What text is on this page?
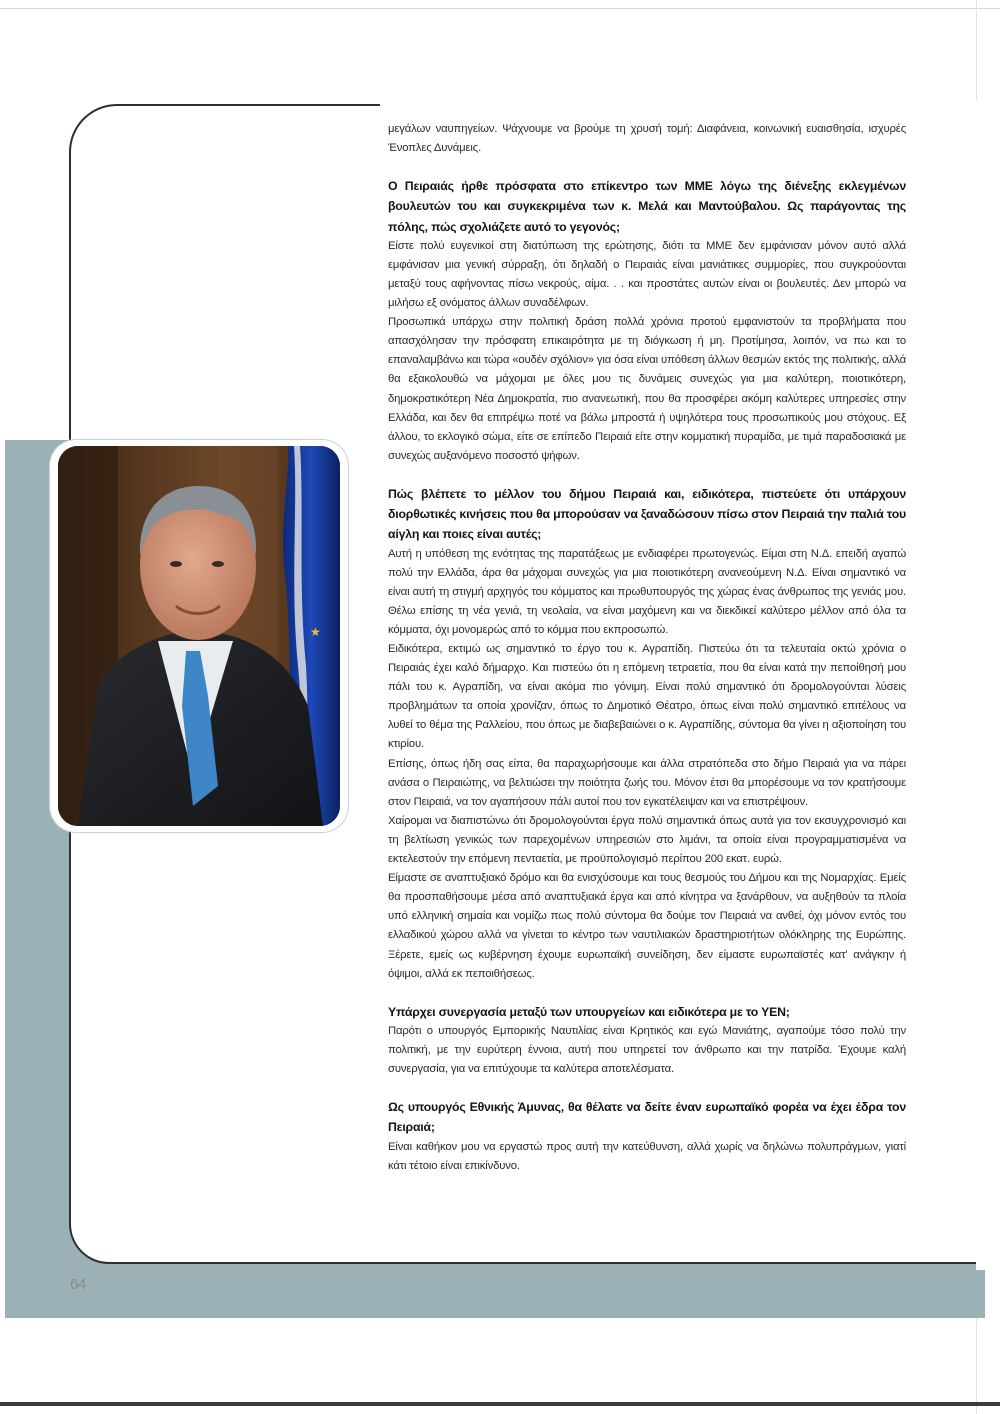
★

μεγάλων ναυπηγείων. Ψάχνουμε να βρούμε τη χρυσή τομή: Διαφάνεια, κοινωνική ευαισθησία, ισχυρές Ένοπλες Δυνάμεις.

Ο Πειραιάς ήρθε πρόσφατα στο επίκεντρο των ΜΜΕ λόγω της διένεξης εκλεγμένων βουλευτών του και συγκεκριμένα των κ. Μελά και Μαντούβαλου. Ως παράγοντας της πόλης, πώς σχολιάζετε αυτό το γεγονός;

Είστε πολύ ευγενικοί στη διατύπωση της ερώτησης, διότι τα ΜΜΕ δεν εμφάνισαν μόνον αυτό αλλά εμφάνισαν μια γενική σύρραξη, ότι δηλαδή ο Πειραιάς είναι μανιάτικες συμμορίες, που συγκρούονται μεταξύ τους αφήνοντας πίσω νεκρούς, αίμα. . . και προστάτες αυτών είναι οι βουλευτές. Δεν μπορώ να μιλήσω εξ ονόματος άλλων συναδέλφων.

Προσωπικά υπάρχω στην πολιτική δράση πολλά χρόνια προτού εμφανιστούν τα προβλήματα που απασχόλησαν την πρόσφατη επικαιρότητα με τη διόγκωση ή μη. Προτίμησα, λοιπόν, να πω και το επαναλαμβάνω και τώρα «ουδέν σχόλιον» για όσα είναι υπόθεση άλλων θεσμών εκτός της πολιτικής, αλλά θα εξακολουθώ να μάχομαι με όλες μου τις δυνάμεις συνεχώς για μια καλύτερη, ποιοτικότερη, δημοκρατικότερη Νέα Δημοκρατία, πιο ανανεωτική, που θα προσφέρει ακόμη καλύτερες υπηρεσίες στην Ελλάδα, και δεν θα επιτρέψω ποτέ να βάλω μπροστά ή υψηλότερα τους προσωπικούς μου στόχους. Εξ άλλου, το εκλογικό σώμα, είτε σε επίπεδο Πειραιά είτε στην κομματική πυραμίδα, με τιμά παραδοσιακά με συνεχώς αυξανόμενο ποσοστό ψήφων.

Πώς βλέπετε το μέλλον του δήμου Πειραιά και, ειδικότερα, πιστεύετε ότι υπάρχουν διορθωτικές κινήσεις που θα μπορούσαν να ξαναδώσουν πίσω στον Πειραιά την παλιά του αίγλη και ποιες είναι αυτές;

Αυτή η υπόθεση της ενότητας της παρατάξεως με ενδιαφέρει πρωτογενώς. Είμαι στη Ν.Δ. επειδή αγαπώ πολύ την Ελλάδα, άρα θα μάχομαι συνεχώς για μια ποιοτικότερη ανανεούμενη Ν.Δ. Είναι σημαντικό να είναι αυτή τη στιγμή αρχηγός του κόμματος και πρωθυπουργός της χώρας ένας άνθρωπος της γενιάς μου. Θέλω επίσης τη νέα γενιά, τη νεολαία, να είναι μαχόμενη και να διεκδικεί καλύτερο μέλλον από όλα τα κόμματα, όχι μονομερώς από το κόμμα που εκπροσωπώ.

Ειδικότερα, εκτιμώ ως σημαντικό το έργο του κ. Αγραπίδη. Πιστεύω ότι τα τελευταία οκτώ χρόνια ο Πειραιάς έχει καλό δήμαρχο. Και πιστεύω ότι η επόμενη τετραετία, που θα είναι κατά την πεποίθησή μου πάλι του κ. Αγραπίδη, να είναι ακόμα πιο γόνιμη. Είναι πολύ σημαντικό ότι δρομολογούνται λύσεις προβλημάτων τα οποία χρονίζαν, όπως το Δημοτικό Θέατρο, όπως είναι πολύ σημαντικό επιτέλους να λυθεί το θέμα της Ραλλείου, που όπως με διαβεβαιώνει ο κ. Αγραπίδης, σύντομα θα γίνει η αξιοποίηση του κτιρίου.

Επίσης, όπως ήδη σας είπα, θα παραχωρήσουμε και άλλα στρατόπεδα στο δήμο Πειραιά για να πάρει ανάσα ο Πειραιώτης, να βελτιώσει την ποιότητα ζωής του. Μόνον έτσι θα μπορέσουμε να τον κρατήσουμε στον Πειραιά, να τον αγαπήσουν πάλι αυτοί που τον εγκατέλειψαν και να επιστρέψουν.

Χαίρομαι να διαπιστώνω ότι δρομολογούνται έργα πολύ σημαντικά όπως αυτά για τον εκσυγχρονισμό και τη βελτίωση γενικώς των παρεχομένων υπηρεσιών στο λιμάνι, τα οποία είναι προγραμματισμένα να εκτελεστούν την επόμενη πενταετία, με προϋπολογισμό περίπου 200 εκατ. ευρώ.

Είμαστε σε αναπτυξιακό δρόμο και θα ενισχύσουμε και τους θεσμούς του Δήμου και της Νομαρχίας. Εμείς θα προσπαθήσουμε μέσα από αναπτυξιακά έργα και από κίνητρα να ξανάρθουν, να αυξηθούν τα πλοία υπό ελληνική σημαία και νομίζω πως πολύ σύντομα θα δούμε τον Πειραιά να ανθεί, όχι μόνον εντός του ελλαδικού χώρου αλλά να γίνεται το κέντρο των ναυτιλιακών δραστηριοτήτων ολόκληρης της Ευρώπης. Ξέρετε, εμείς ως κυβέρνηση έχουμε ευρωπαϊκή συνείδηση, δεν είμαστε ευρωπαϊστές κατ' ανάγκην ή όψιμοι, αλλά εκ πεποιθήσεως.

Υπάρχει συνεργασία μεταξύ των υπουργείων και ειδικότερα με το ΥΕΝ;

Παρότι ο υπουργός Εμπορικής Ναυτιλίας είναι Κρητικός και εγώ Μανιάτης, αγαπούμε τόσο πολύ την πολιτική, με την ευρύτερη έννοια, αυτή που υπηρετεί τον άνθρωπο και την πατρίδα. Έχουμε καλή συνεργασία, για να επιτύχουμε τα καλύτερα αποτελέσματα.

Ως υπουργός Εθνικής Άμυνας, θα θέλατε να δείτε έναν ευρωπαϊκό φορέα να έχει έδρα τον Πειραιά;

Είναι καθήκον μου να εργαστώ προς αυτή την κατεύθυνση, αλλά χωρίς να δηλώνω πολυπράγμων, γιατί κάτι τέτοιο είναι επικίνδυνο.

64
